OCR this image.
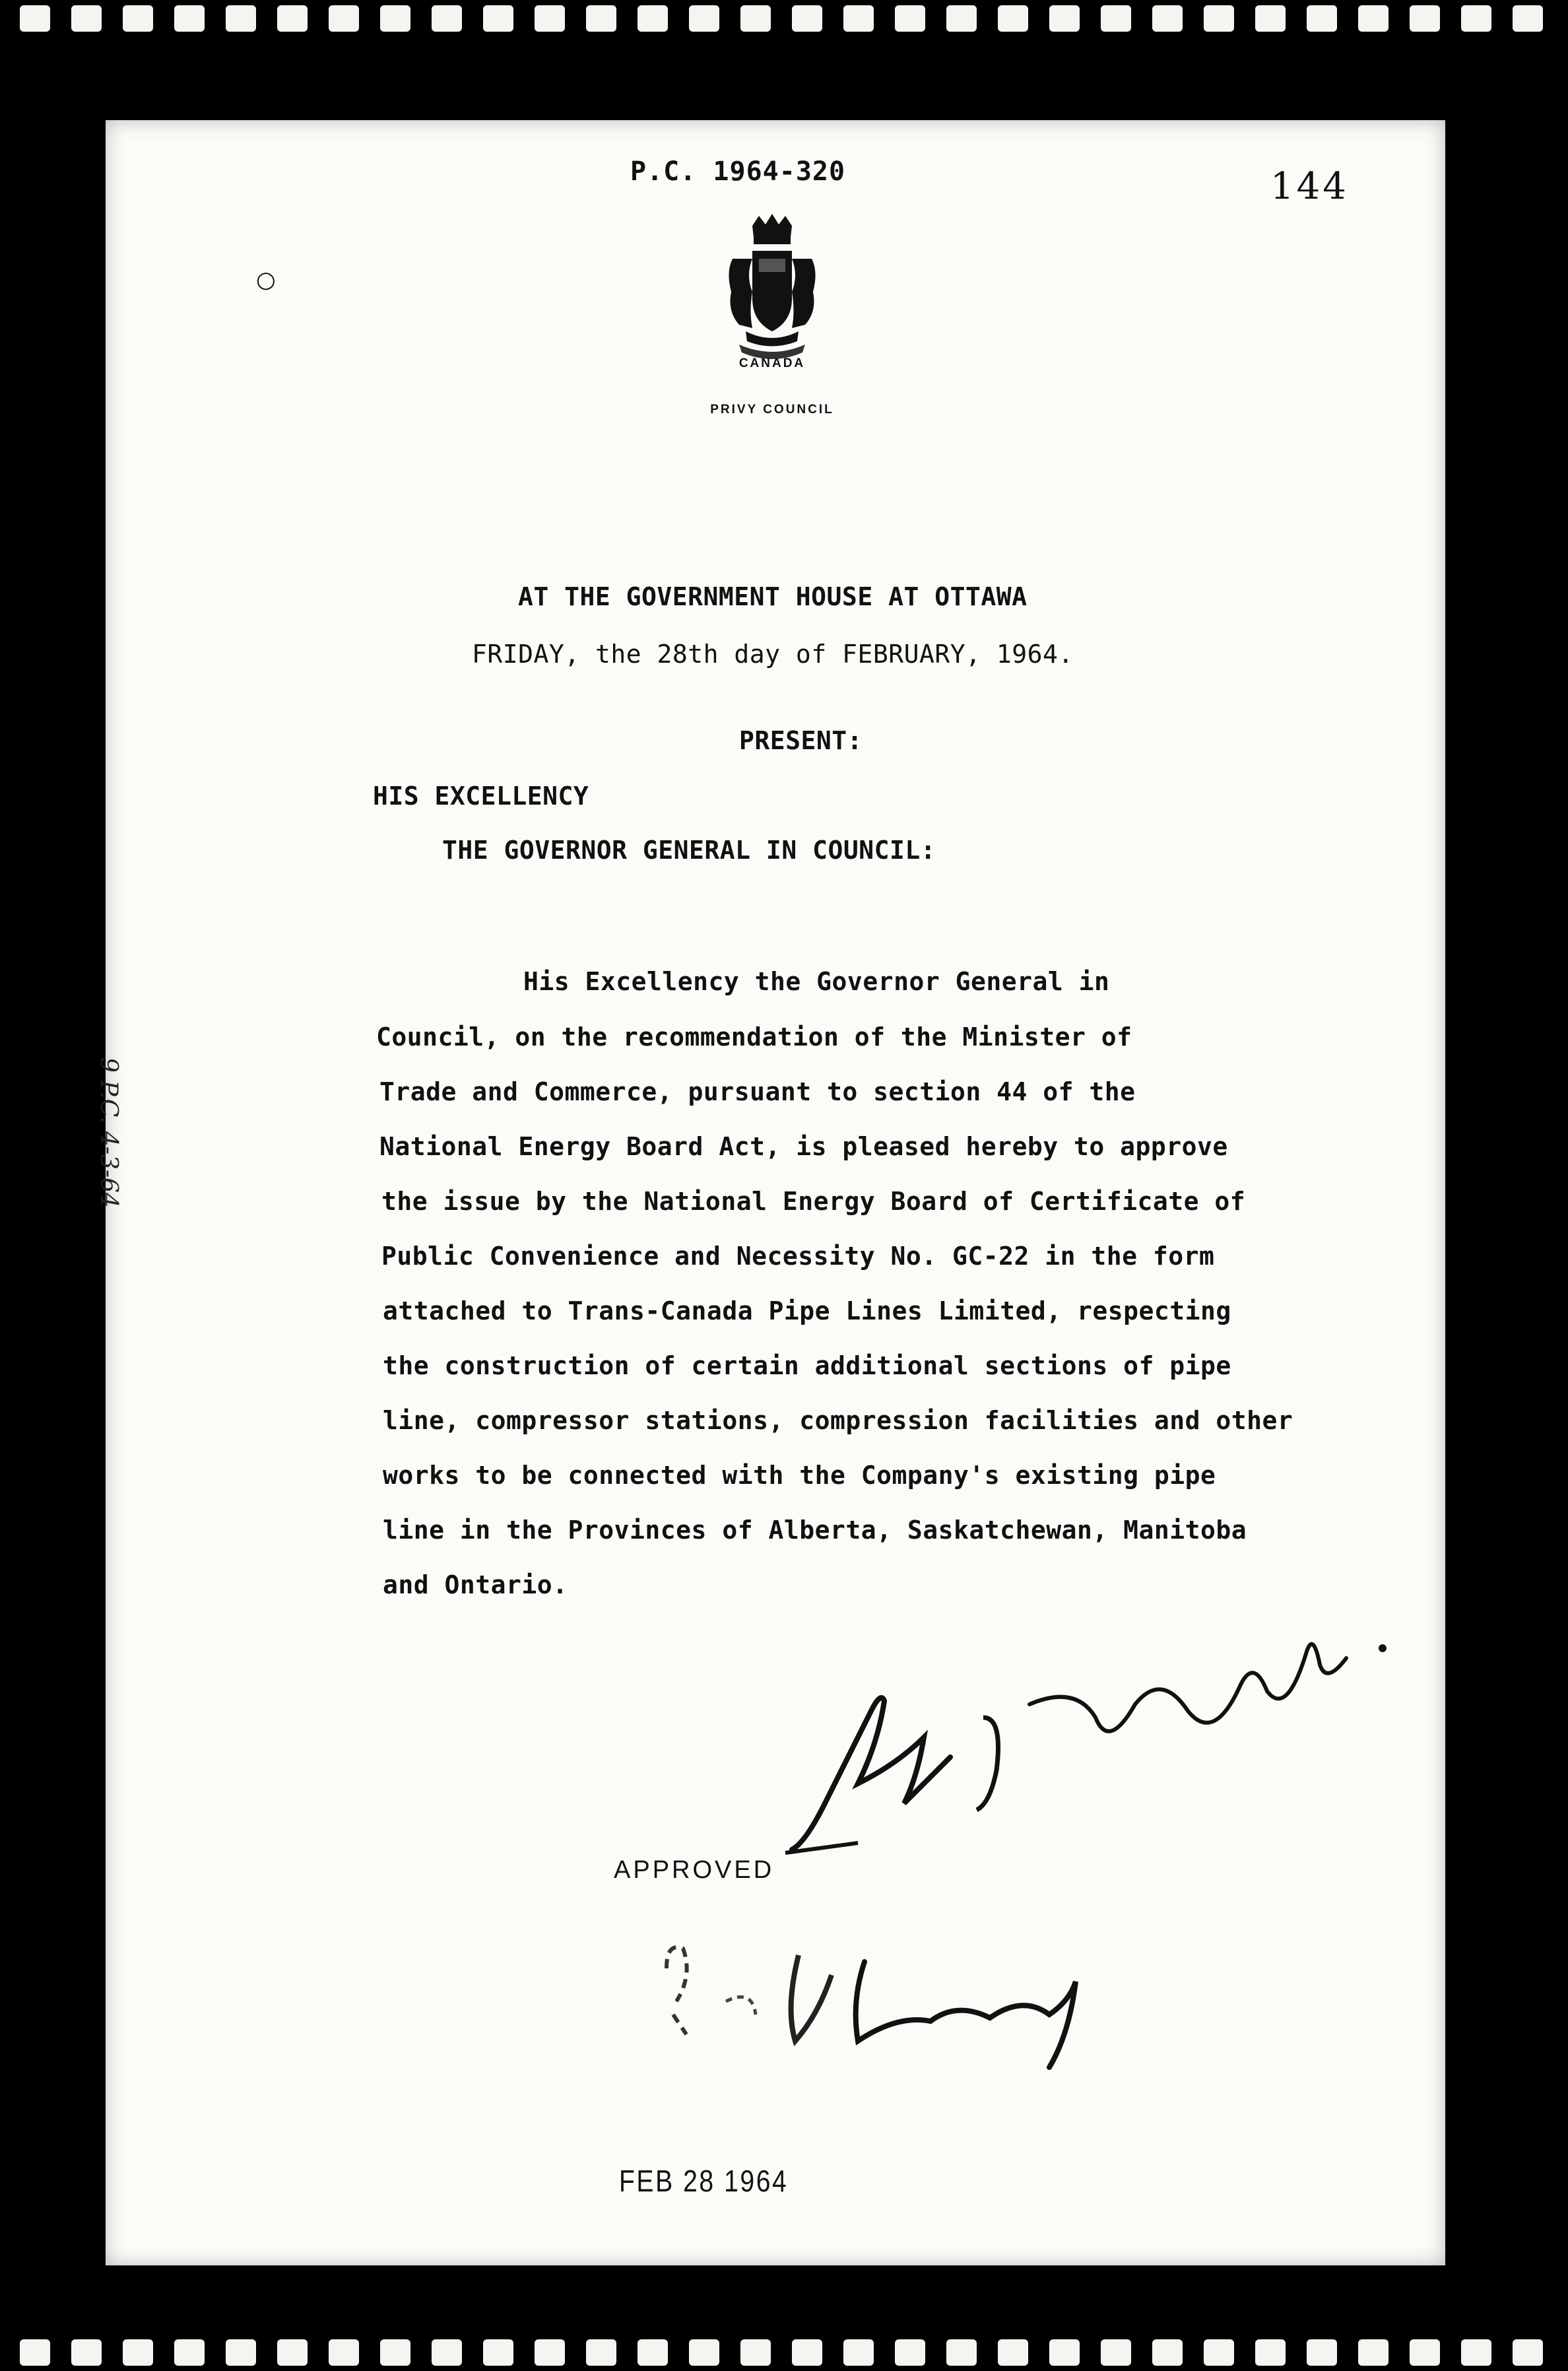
P.C. 1964-320	144
○
CANADA
PRIVY COUNCIL
9 P.C. 4-3-64
AT THE GOVERNMENT HOUSE AT OTTAWA
FRIDAY, the 28th day of FEBRUARY, 1964.
PRESENT:
HIS EXCELLENCY
THE GOVERNOR GENERAL IN COUNCIL:
His Excellency the Governor General in
Council, on the recommendation of the Minister of
Trade and Commerce, pursuant to section 44 of the
National Energy Board Act, is pleased hereby to approve
the issue by the National Energy Board of Certificate of
Public Convenience and Necessity No. GC-22 in the form
attached to Trans-Canada Pipe Lines Limited, respecting
the construction of certain additional sections of pipe
line, compressor stations, compression facilities and other
works to be connected with the Company's existing pipe
line in the Provinces of Alberta, Saskatchewan, Manitoba
and Ontario.
APPROVED
FEB 28 1964
